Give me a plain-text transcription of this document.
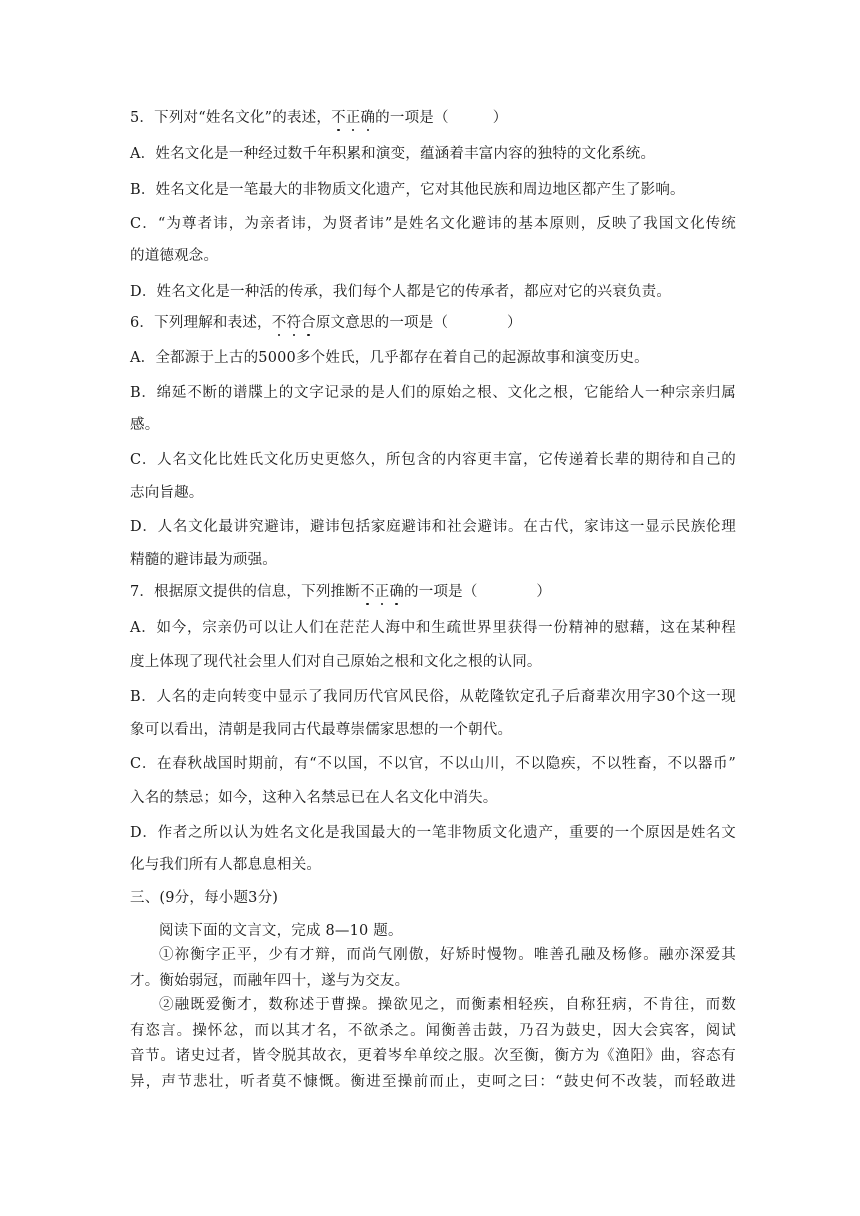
5．下列对“姓名文化”的表述，不正确的一项是（　　　）
A．姓名文化是一种经过数千年积累和演变，蕴涵着丰富内容的独特的文化系统。
B．姓名文化是一笔最大的非物质文化遗产，它对其他民族和周边地区都产生了影响。
C．“为尊者讳，为亲者讳，为贤者讳”是姓名文化避讳的基本原则，反映了我国文化传统
的道德观念。
D．姓名文化是一种活的传承，我们每个人都是它的传承者，都应对它的兴衰负责。
6．下列理解和表述，不符合原文意思的一项是（　　　　）
A．全都源于上古的5000多个姓氏，几乎都存在着自己的起源故事和演变历史。
B．绵延不断的谱牒上的文字记录的是人们的原始之根、文化之根，它能给人一种宗亲归属
感。
C．人名文化比姓氏文化历史更悠久，所包含的内容更丰富，它传递着长辈的期待和自己的
志向旨趣。
D．人名文化最讲究避讳，避讳包括家庭避讳和社会避讳。在古代，家讳这一显示民族伦理
精髓的避讳最为顽强。
7．根据原文提供的信息，下列推断不正确的一项是（　　　　）
A．如今，宗亲仍可以让人们在茫茫人海中和生疏世界里获得一份精神的慰藉，这在某种程
度上体现了现代社会里人们对自己原始之根和文化之根的认同。
B．人名的走向转变中显示了我同历代官风民俗，从乾隆钦定孔子后裔辈次用字30个这一现
象可以看出，清朝是我同古代最尊崇儒家思想的一个朝代。
C．在春秋战国时期前，有“不以国，不以官，不以山川，不以隐疾，不以牲畜，不以器币”
入名的禁忌；如今，这种入名禁忌已在人名文化中消失。
D．作者之所以认为姓名文化是我国最大的一笔非物质文化遗产，重要的一个原因是姓名文
化与我们所有人都息息相关。
三、(9分，每小题3分)
阅读下面的文言文，完成 8—10 题。
①祢衡字正平，少有才辩，而尚气刚傲，好矫时慢物。唯善孔融及杨修。融亦深爱其
才。衡始弱冠，而融年四十，遂与为交友。
②融既爱衡才，数称述于曹操。操欲见之，而衡素相轻疾，自称狂病，不肯往，而数
有恣言。操怀忿，而以其才名，不欲杀之。闻衡善击鼓，乃召为鼓史，因大会宾客，阅试
音节。诸史过者，皆令脱其故衣，更着岑牟单绞之服。次至衡，衡方为《渔阳》曲，容态有
异，声节悲壮，听者莫不慷慨。衡进至操前而止，吏呵之曰：“鼓史何不改装，而轻敢进
